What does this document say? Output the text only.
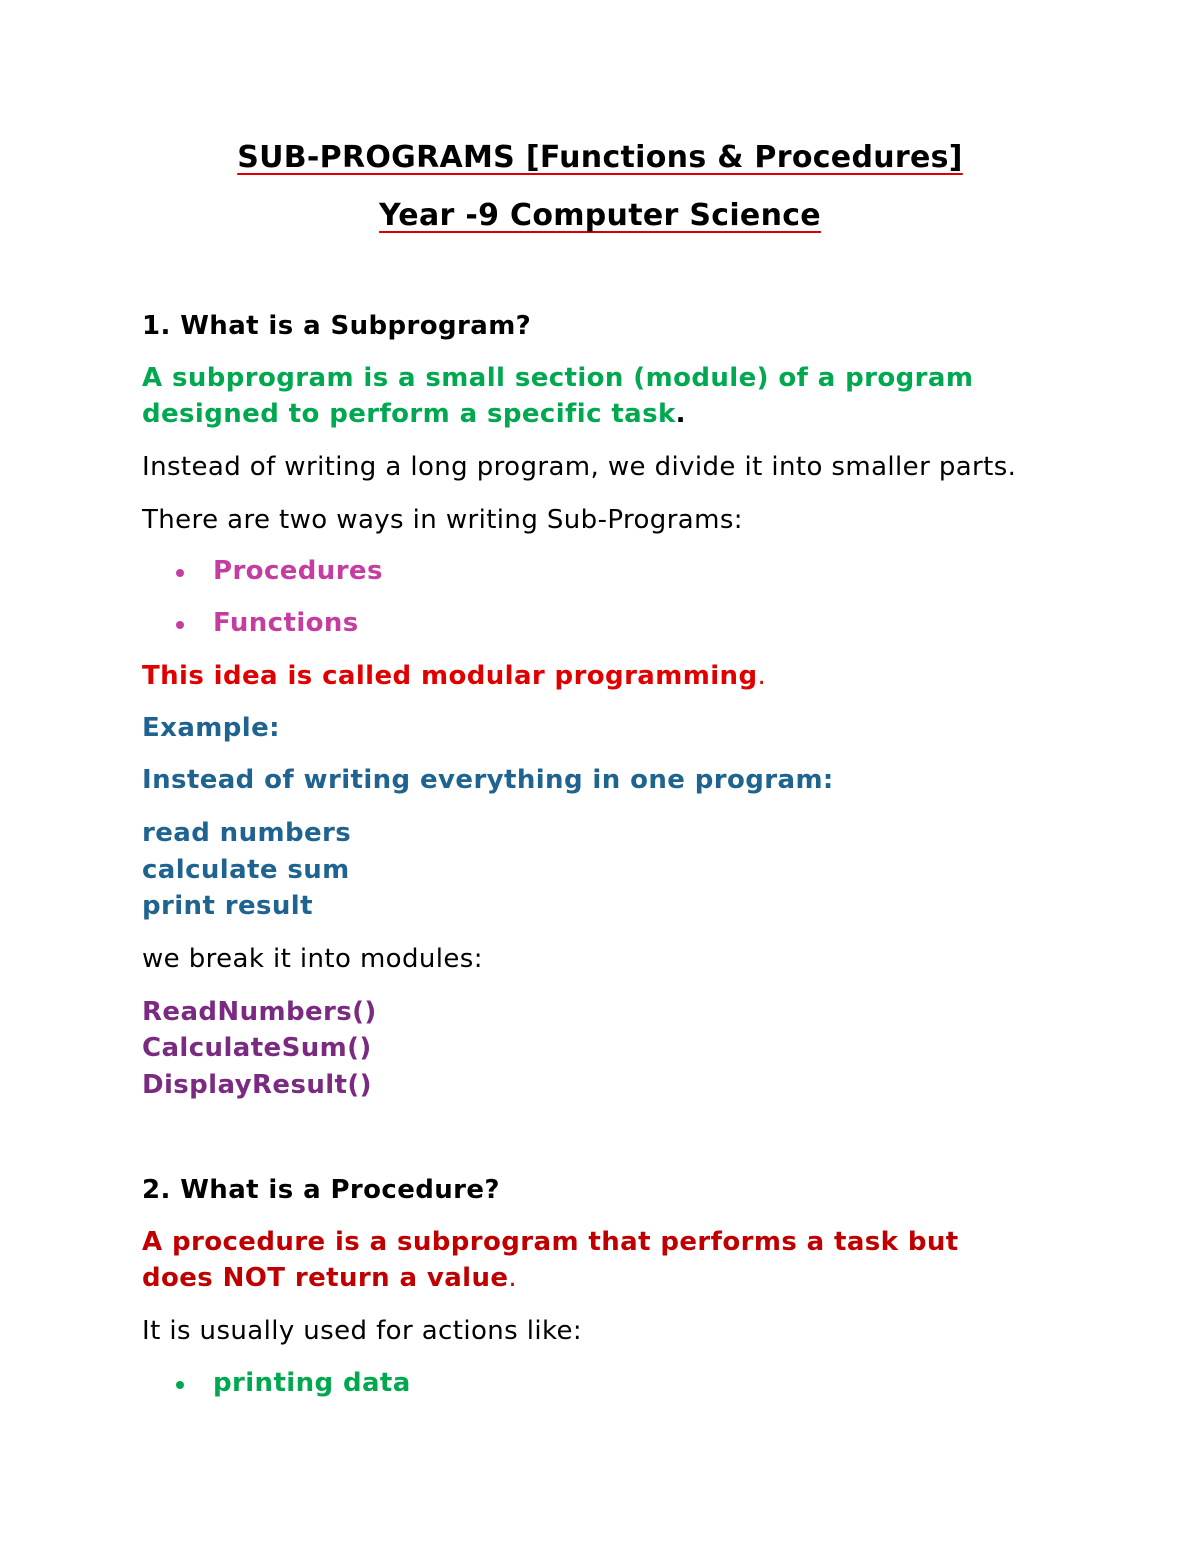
SUB-PROGRAMS [Functions & Procedures]

Year -9 Computer Science

1. What is a Subprogram?

A subprogram is a small section (module) of a program

designed to perform a specific task.

Instead of writing a long program, we divide it into smaller parts.

There are two ways in writing Sub-Programs:

Procedures

Functions

This idea is called modular programming.

Example:

Instead of writing everything in one program:

read numbers

calculate sum

print result

we break it into modules:

ReadNumbers()

CalculateSum()

DisplayResult()

2. What is a Procedure?

A procedure is a subprogram that performs a task but

does NOT return a value.

It is usually used for actions like:

printing data
